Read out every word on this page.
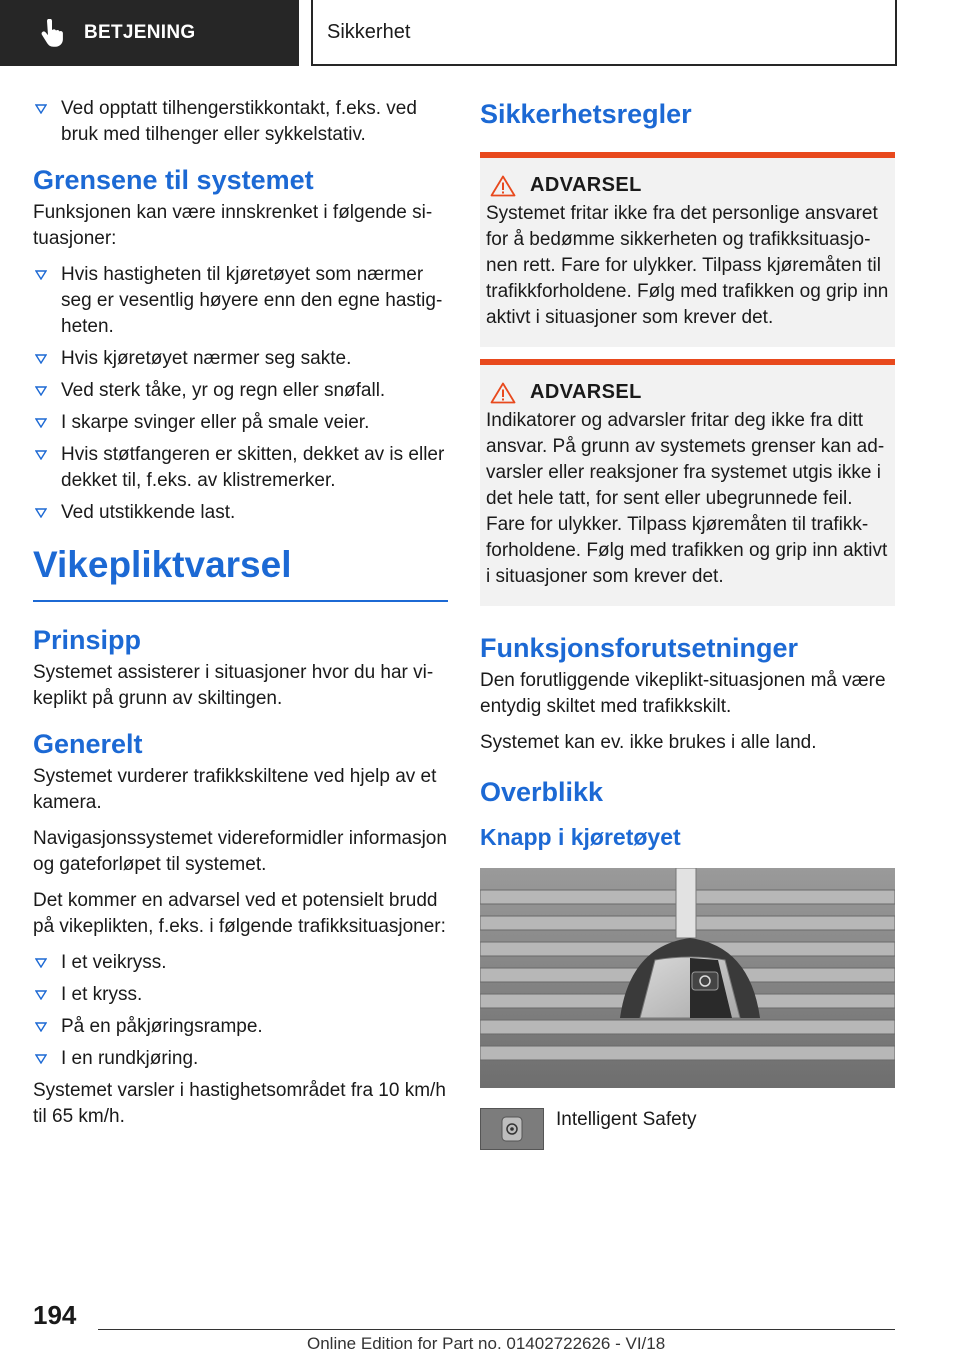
BETJENING	Sikkerhet
Ved opptatt tilhengerstikkontakt, f.eks. ved bruk med tilhenger eller sykkelstativ.
Grensene til systemet

Funksjonen kan være innskrenket i følgende situasjoner:

Hvis hastigheten til kjøretøyet som nærmer seg er vesentlig høyere enn den egne hastigheten.
Hvis kjøretøyet nærmer seg sakte.
Ved sterk tåke, yr og regn eller snøfall.
I skarpe svinger eller på smale veier.
Hvis støtfangeren er skitten, dekket av is eller dekket til, f.eks. av klistremerker.
Ved utstikkende last.
Vikepliktvarsel
Prinsipp

Systemet assisterer i situasjoner hvor du har vikeplikt på grunn av skiltingen.

Generelt

Systemet vurderer trafikkskiltene ved hjelp av et kamera.

Navigasjonssystemet videreformidler informasjon og gateforløpet til systemet.

Det kommer en advarsel ved et potensielt brudd på vikeplikten, f.eks. i følgende trafikksituasjoner:

I et veikryss.
I et kryss.
På en påkjøringsrampe.
I en rundkjøring.

Systemet varsler i hastighetsområdet fra 10 km/h til 65 km/h.

Sikkerhetsregler
ADVARSEL

Systemet fritar ikke fra det personlige ansvaret for å bedømme sikkerheten og trafikksituasjonen rett. Fare for ulykker. Tilpass kjøremåten til trafikkforholdene. Følg med trafikken og grip inn aktivt i situasjoner som krever det.

ADVARSEL

Indikatorer og advarsler fritar deg ikke fra ditt ansvar. På grunn av systemets grenser kan advarsler eller reaksjoner fra systemet utgis ikke i det hele tatt, for sent eller ubegrunnede feil. Fare for ulykker. Tilpass kjøremåten til trafikkforholdene. Følg med trafikken og grip inn aktivt i situasjoner som krever det.

Funksjonsforutsetninger

Den forutliggende vikeplikt-situasjonen må være entydig skiltet med trafikkskilt.

Systemet kan ev. ikke brukes i alle land.

Overblikk
Knapp i kjøretøyet
Intelligent Safety
194
Online Edition for Part no. 01402722626 - VI/18
